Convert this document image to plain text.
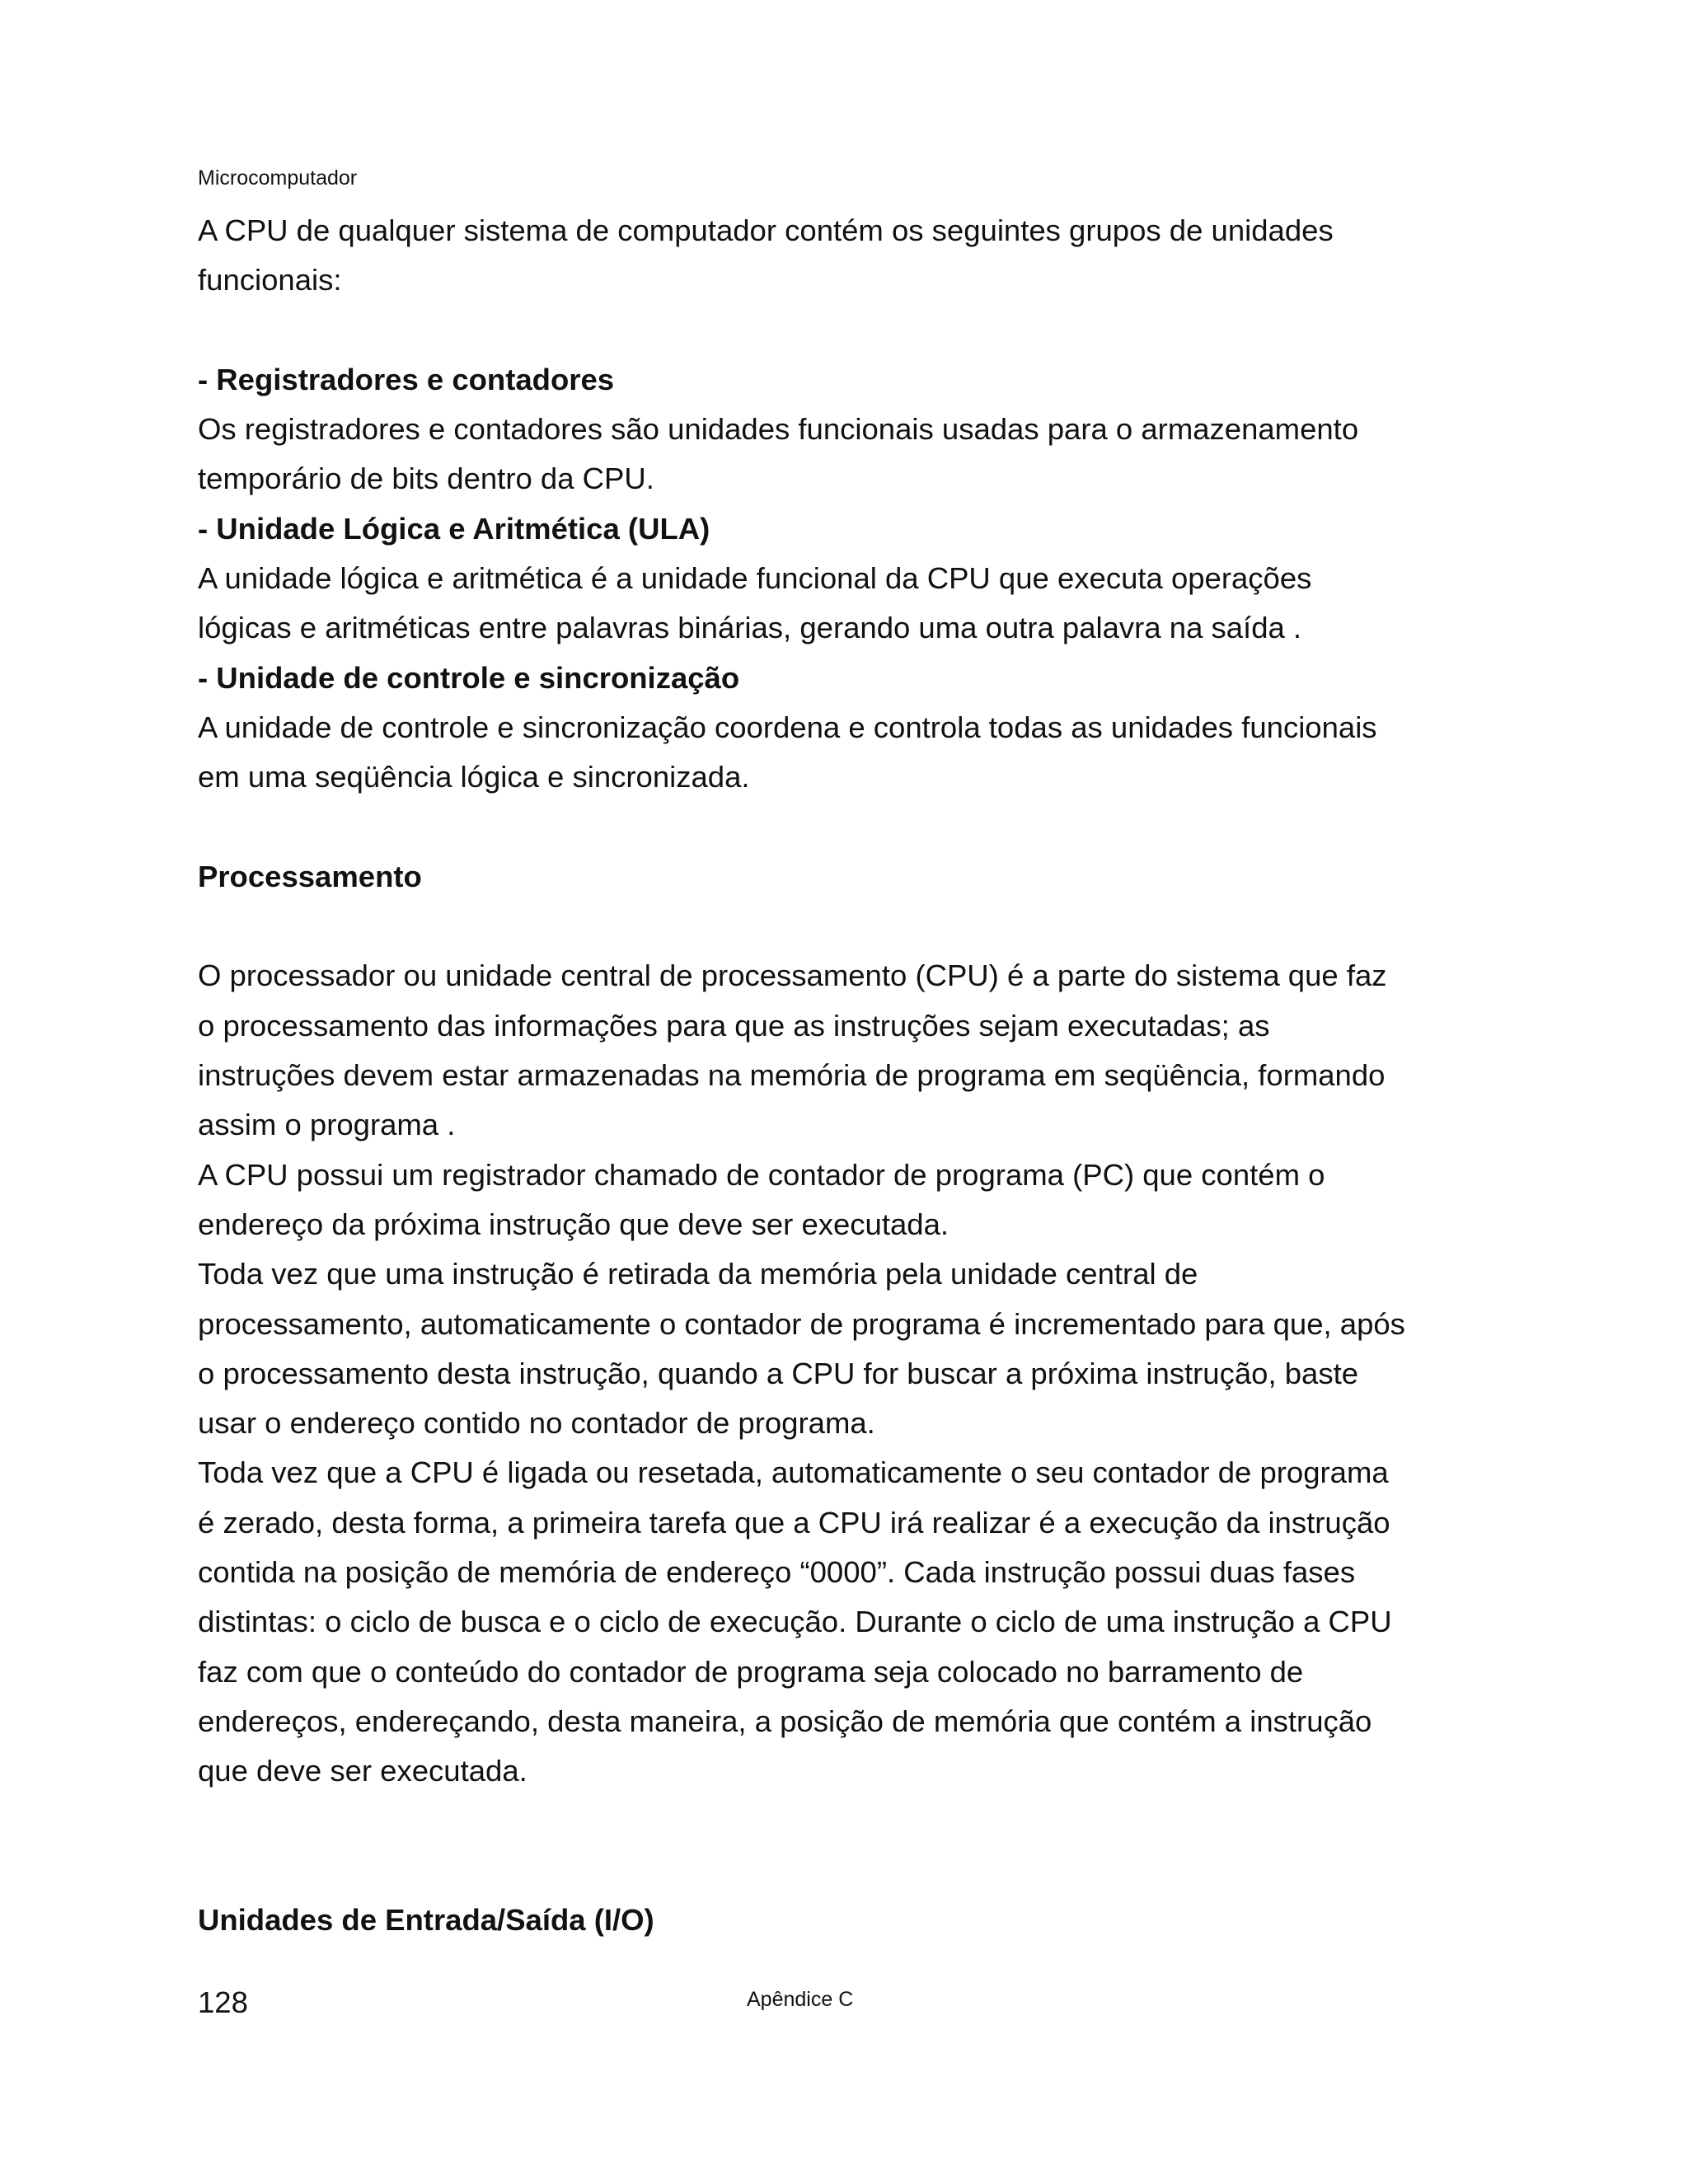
Microcomputador

A CPU de qualquer sistema de computador contém os seguintes grupos de unidades

funcionais:

- Registradores e contadores

Os registradores e contadores são unidades funcionais usadas para o armazenamento

temporário de bits dentro da CPU.

- Unidade Lógica e Aritmética (ULA)

A unidade lógica e aritmética é a unidade funcional da CPU que executa operações

lógicas e aritméticas entre palavras binárias, gerando uma outra palavra na saída .

- Unidade de controle e sincronização

A unidade de controle e sincronização coordena e controla todas as unidades funcionais

em uma seqüência lógica e sincronizada.

Processamento

O processador ou unidade central de processamento (CPU) é a parte do sistema que faz

o processamento das informações para que as instruções sejam executadas; as

instruções devem estar armazenadas na memória de programa em seqüência, formando

assim o programa .

A CPU possui um registrador chamado de contador de programa (PC) que contém o

endereço da próxima instrução que deve ser executada.

Toda vez que uma instrução é retirada da memória pela unidade central de

processamento, automaticamente o contador de programa é incrementado para que, após

o processamento desta instrução, quando a CPU for buscar a próxima instrução, baste

usar o endereço contido no contador de programa.

Toda vez que a CPU é ligada ou resetada, automaticamente o seu contador de programa

é zerado, desta forma, a primeira tarefa que a CPU irá realizar é a execução da instrução

contida na posição de memória de endereço “0000”. Cada instrução possui duas fases

distintas: o ciclo de busca e o ciclo de execução. Durante o ciclo de uma instrução a CPU

faz com que o conteúdo do contador de programa seja colocado no barramento de

endereços, endereçando, desta maneira, a posição de memória que contém a instrução

que deve ser executada.

Unidades de Entrada/Saída (I/O)

128	Apêndice C
